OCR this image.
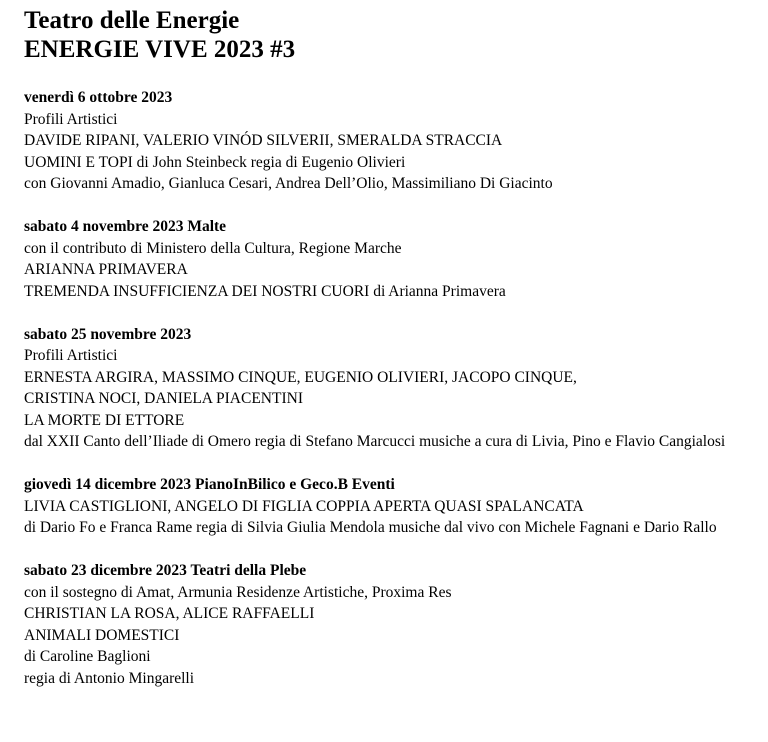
Teatro delle Energie
ENERGIE VIVE 2023 #3
venerdì 6 ottobre 2023
Profili Artistici
DAVIDE RIPANI, VALERIO VINÓD SILVERII, SMERALDA STRACCIA
UOMINI E TOPI di John Steinbeck regia di Eugenio Olivieri
con Giovanni Amadio, Gianluca Cesari, Andrea Dell’Olio, Massimiliano Di Giacinto
sabato 4 novembre 2023 Malte
con il contributo di Ministero della Cultura, Regione Marche
ARIANNA PRIMAVERA
TREMENDA INSUFFICIENZA DEI NOSTRI CUORI di Arianna Primavera
sabato 25 novembre 2023
Profili Artistici
ERNESTA ARGIRA, MASSIMO CINQUE, EUGENIO OLIVIERI, JACOPO CINQUE,
CRISTINA NOCI, DANIELA PIACENTINI
LA MORTE DI ETTORE
dal XXII Canto dell’Iliade di Omero regia di Stefano Marcucci musiche a cura di Livia, Pino e Flavio Cangialosi
giovedì 14 dicembre 2023 PianoInBilico e Geco.B Eventi
LIVIA CASTIGLIONI, ANGELO DI FIGLIA COPPIA APERTA QUASI SPALANCATA
di Dario Fo e Franca Rame regia di Silvia Giulia Mendola musiche dal vivo con Michele Fagnani e Dario Rallo
sabato 23 dicembre 2023 Teatri della Plebe
con il sostegno di Amat, Armunia Residenze Artistiche, Proxima Res
CHRISTIAN LA ROSA, ALICE RAFFAELLI
ANIMALI DOMESTICI
di Caroline Baglioni
regia di Antonio Mingarelli
